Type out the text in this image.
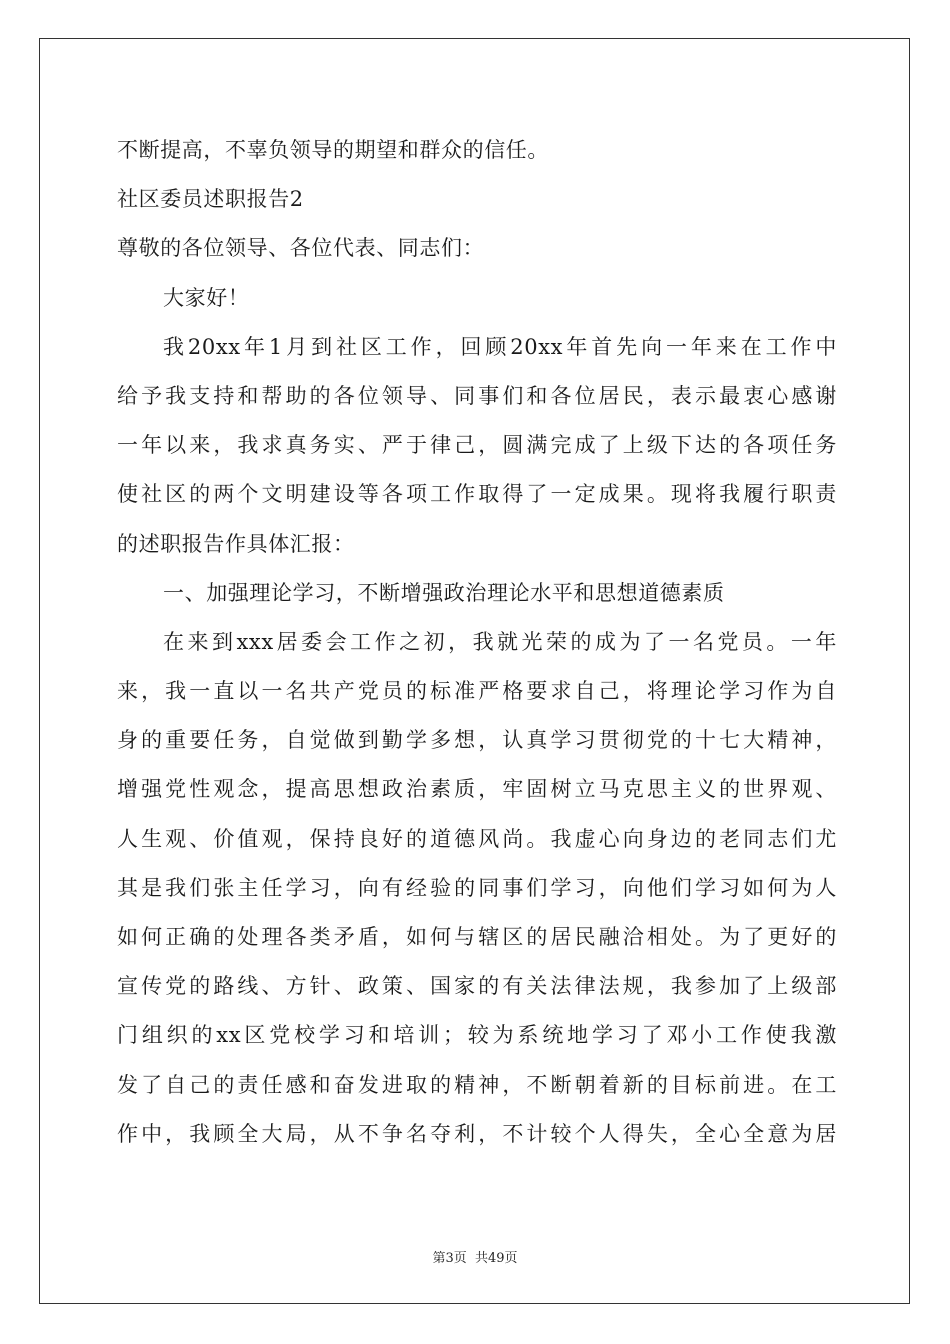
不断提高，不辜负领导的期望和群众的信任。
社区委员述职报告2
尊敬的各位领导、各位代表、同志们：
大家好！
我20xx年1月到社区工作，回顾20xx年首先向一年来在工作中
给予我支持和帮助的各位领导、同事们和各位居民，表示最衷心感谢
一年以来，我求真务实、严于律己，圆满完成了上级下达的各项任务
使社区的两个文明建设等各项工作取得了一定成果。现将我履行职责
的述职报告作具体汇报：
一、加强理论学习，不断增强政治理论水平和思想道德素质
在来到xxx居委会工作之初，我就光荣的成为了一名党员。一年
来，我一直以一名共产党员的标准严格要求自己，将理论学习作为自
身的重要任务，自觉做到勤学多想，认真学习贯彻党的十七大精神，
增强党性观念，提高思想政治素质，牢固树立马克思主义的世界观、
人生观、价值观，保持良好的道德风尚。我虚心向身边的老同志们尤
其是我们张主任学习，向有经验的同事们学习，向他们学习如何为人
如何正确的处理各类矛盾，如何与辖区的居民融洽相处。为了更好的
宣传党的路线、方针、政策、国家的有关法律法规，我参加了上级部
门组织的xx区党校学习和培训；较为系统地学习了邓小工作使我激
发了自己的责任感和奋发进取的精神，不断朝着新的目标前进。在工
作中，我顾全大局，从不争名夺利，不计较个人得失，全心全意为居
第3页 共49页
